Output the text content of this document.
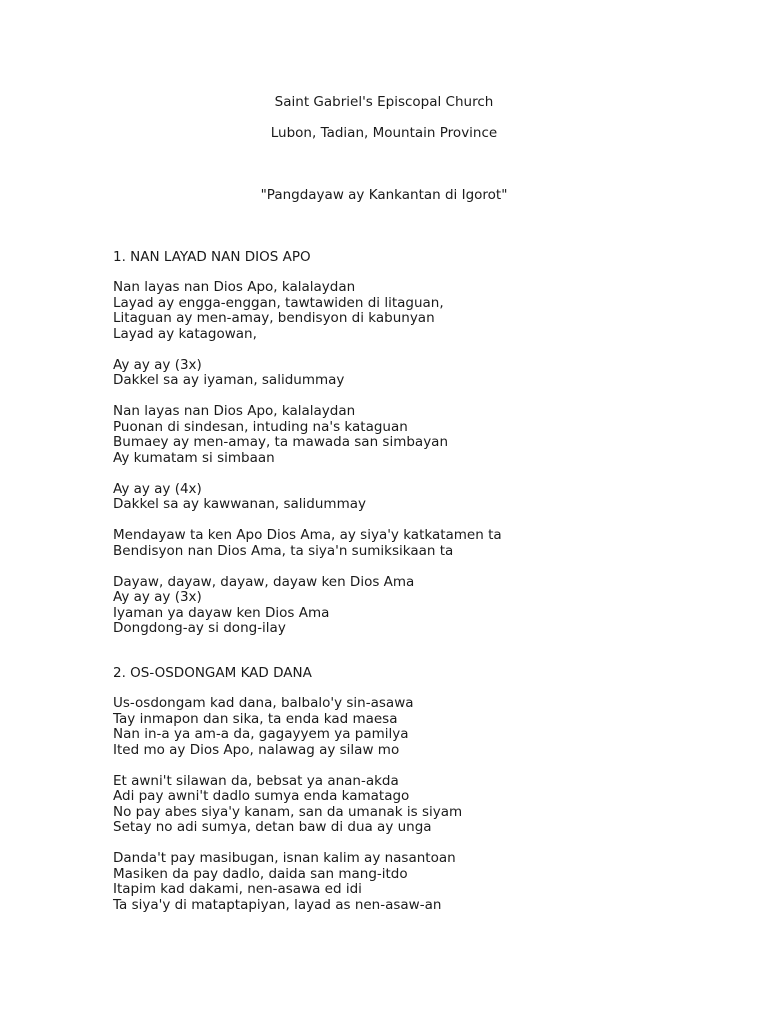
Saint Gabriel's Episcopal Church

Lubon, Tadian, Mountain Province

"Pangdayaw ay Kankantan di Igorot"

1. NAN LAYAD NAN DIOS APO
Nan layas nan Dios Apo, kalalaydan
Layad ay engga-enggan, tawtawiden di litaguan,
Litaguan ay men-amay, bendisyon di kabunyan
Layad ay katagowan,
Ay ay ay (3x)
Dakkel sa ay iyaman, salidummay
Nan layas nan Dios Apo, kalalaydan
Puonan di sindesan, intuding na's kataguan
Bumaey ay men-amay, ta mawada san simbayan
Ay kumatam si simbaan
Ay ay ay (4x)
Dakkel sa ay kawwanan, salidummay
Mendayaw ta ken Apo Dios Ama, ay siya'y katkatamen ta
Bendisyon nan Dios Ama, ta siya'n sumiksikaan ta
Dayaw, dayaw, dayaw, dayaw ken Dios Ama
Ay ay ay (3x)
Iyaman ya dayaw ken Dios Ama
Dongdong-ay si dong-ilay
2. OS-OSDONGAM KAD DANA
Us-osdongam kad dana, balbalo'y sin-asawa
Tay inmapon dan sika, ta enda kad maesa
Nan in-a ya am-a da, gagayyem ya pamilya
Ited mo ay Dios Apo, nalawag ay silaw mo
Et awni't silawan da, bebsat ya anan-akda
Adi pay awni't dadlo sumya enda kamatago
No pay abes siya'y kanam, san da umanak is siyam
Setay no adi sumya, detan baw di dua ay unga
Danda't pay masibugan, isnan kalim ay nasantoan
Masiken da pay dadlo, daida san mang-itdo
Itapim kad dakami, nen-asawa ed idi
Ta siya'y di mataptapiyan, layad as nen-asaw-an
